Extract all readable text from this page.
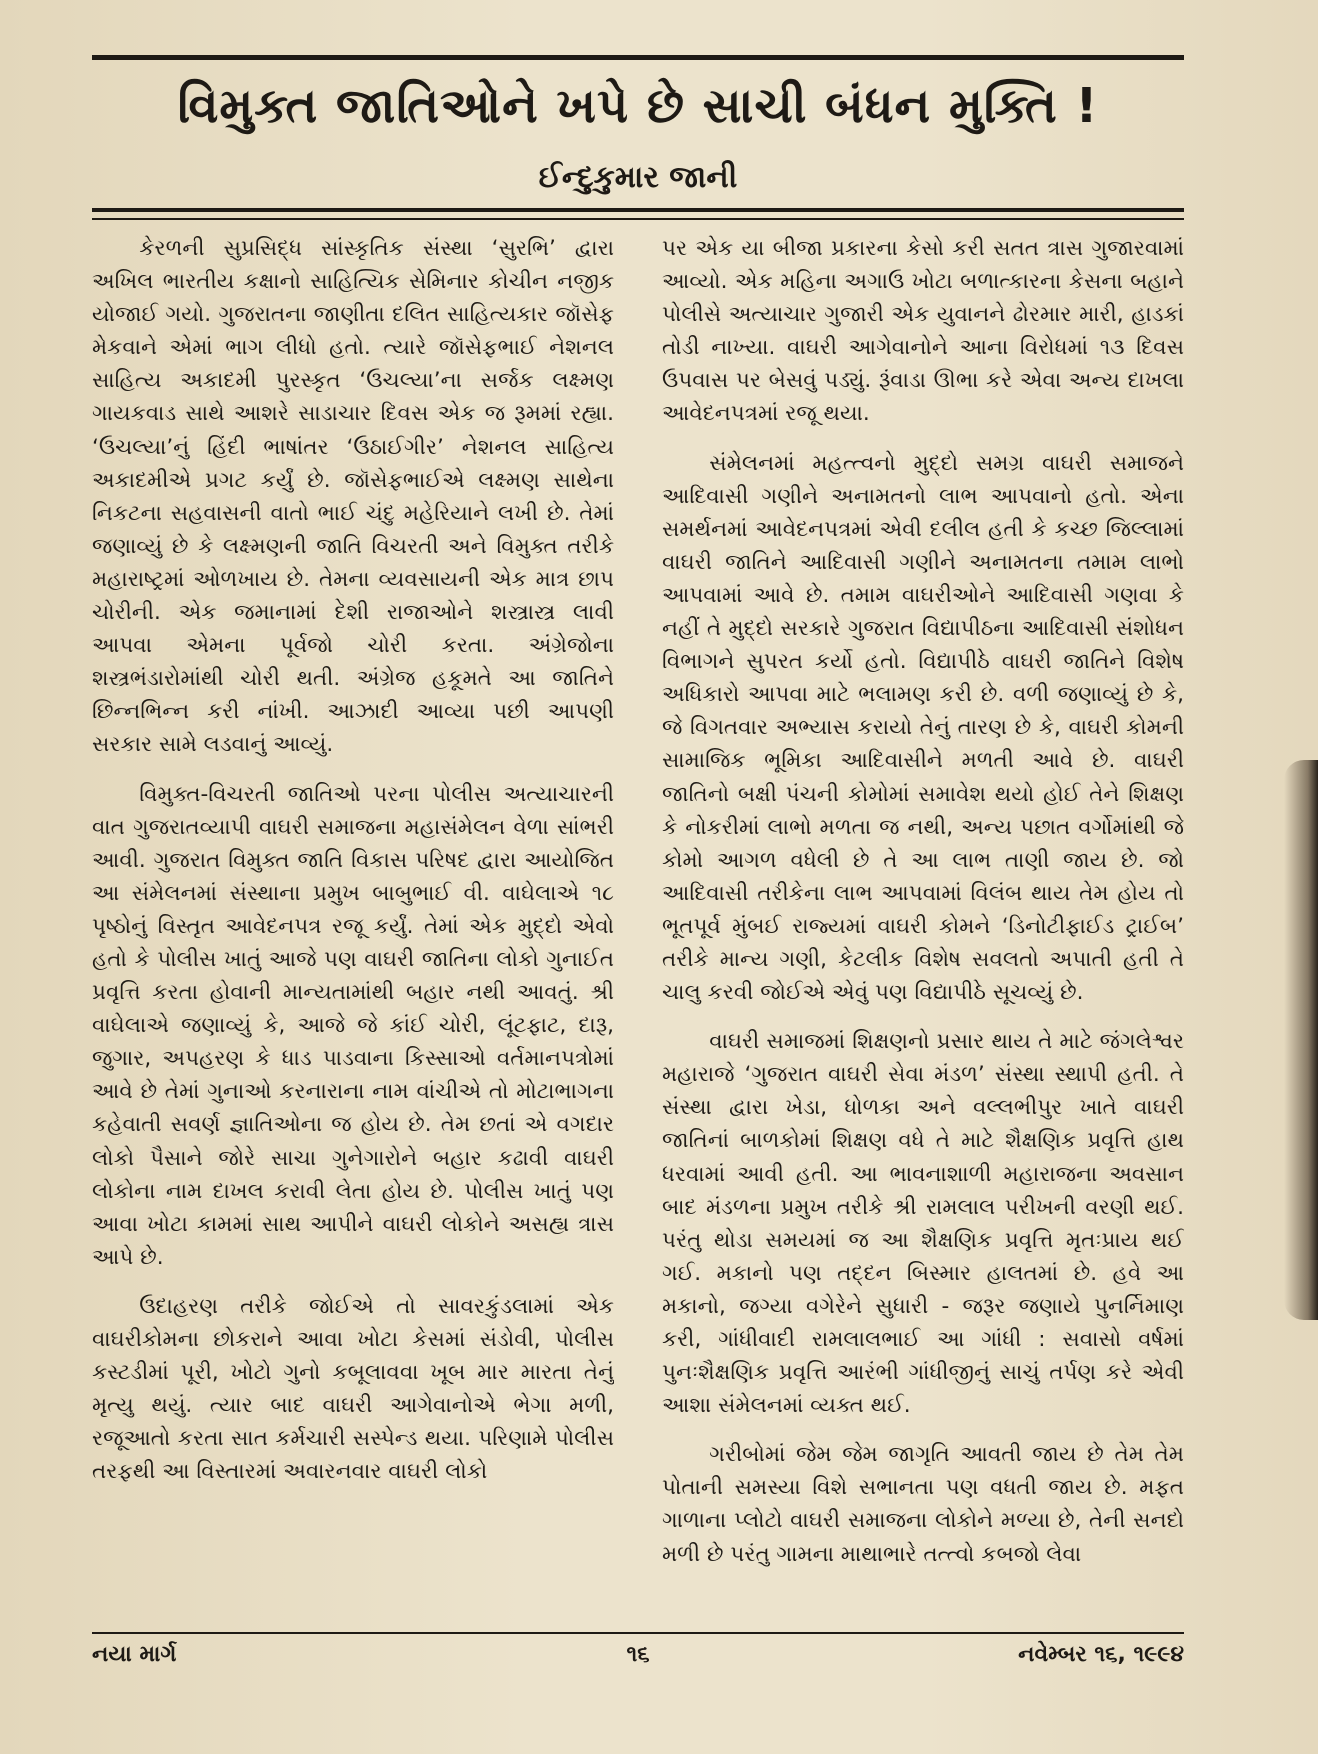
વિમુક્ત જાતિઓને ખપે છે સાચી બંધન મુક્તિ !
ઈન્દુકુમાર જાની

કેરળની સુપ્રસિદ્ધ સાંસ્કૃતિક સંસ્થા ‘સુરભિ’ દ્વારા અખિલ ભારતીય કક્ષાનો સાહિત્યિક સેમિનાર કોચીન નજીક યોજાઈ ગયો. ગુજરાતના જાણીતા દલિત સાહિત્યકાર જૉસેફ મેકવાને એમાં ભાગ લીધો હતો. ત્યારે જૉસેફભાઈ નેશનલ સાહિત્ય અકાદમી પુરસ્કૃત ‘ઉચલ્યા’ના સર્જક લક્ષ્મણ ગાયકવાડ સાથે આશરે સાડાચાર દિવસ એક જ રૂમમાં રહ્યા. ‘ઉચલ્યા’નું હિંદી ભાષાંતર ‘ઉઠાઈગીર’ નેશનલ સાહિત્ય અકાદમીએ પ્રગટ કર્યું છે. જૉસેફભાઈએ લક્ષ્મણ સાથેના નિકટના સહવાસની વાતો ભાઈ ચંદુ મહેરિયાને લખી છે. તેમાં જણાવ્યું છે કે લક્ષ્મણની જાતિ વિચરતી અને વિમુક્ત તરીકે મહારાષ્ટ્રમાં ઓળખાય છે. તેમના વ્યવસાયની એક માત્ર છાપ ચોરીની. એક જમાનામાં દેશી રાજાઓને શસ્ત્રાસ્ત્ર લાવી આપવા એમના પૂર્વજો ચોરી કરતા. અંગ્રેજોના શસ્ત્રભંડારોમાંથી ચોરી થતી. અંગ્રેજ હકૂમતે આ જાતિને છિન્નભિન્ન કરી નાંખી. આઝાદી આવ્યા પછી આપણી સરકાર સામે લડવાનું આવ્યું.

વિમુક્ત-વિચરતી જાતિઓ પરના પોલીસ અત્યાચારની વાત ગુજરાતવ્યાપી વાઘરી સમાજના મહાસંમેલન વેળા સાંભરી આવી. ગુજરાત વિમુક્ત જાતિ વિકાસ પરિષદ દ્વારા આયોજિત આ સંમેલનમાં સંસ્થાના પ્રમુખ બાબુભાઈ વી. વાઘેલાએ ૧૮ પૃષ્ઠોનું વિસ્તૃત આવેદનપત્ર રજૂ કર્યું. તેમાં એક મુદ્દો એવો હતો કે પોલીસ ખાતું આજે પણ વાઘરી જાતિના લોકો ગુનાઈત પ્રવૃત્તિ કરતા હોવાની માન્યતામાંથી બહાર નથી આવતું. શ્રી વાઘેલાએ જણાવ્યું કે, આજે જે કાંઈ ચોરી, લૂંટફાટ, દારૂ, જુગાર, અપહરણ કે ધાડ પાડવાના કિસ્સાઓ વર્તમાનપત્રોમાં આવે છે તેમાં ગુનાઓ કરનારાના નામ વાંચીએ તો મોટાભાગના કહેવાતી સવર્ણ જ્ઞાતિઓના જ હોય છે. તેમ છતાં એ વગદાર લોકો પૈસાને જોરે સાચા ગુનેગારોને બહાર કઢાવી વાઘરી લોકોના નામ દાખલ કરાવી લેતા હોય છે. પોલીસ ખાતું પણ આવા ખોટા કામમાં સાથ આપીને વાઘરી લોકોને અસહ્ય ત્રાસ આપે છે.

ઉદાહરણ તરીકે જોઈએ તો સાવરકુંડલામાં એક વાઘરીકોમના છોકરાને આવા ખોટા કેસમાં સંડોવી, પોલીસ કસ્ટડીમાં પૂરી, ખોટો ગુનો કબૂલાવવા ખૂબ માર મારતા તેનું મૃત્યુ થયું. ત્યાર બાદ વાઘરી આગેવાનોએ ભેગા મળી, રજૂઆતો કરતા સાત કર્મચારી સસ્પેન્ડ થયા. પરિણામે પોલીસ તરફથી આ વિસ્તારમાં અવારનવાર વાઘરી લોકો

પર એક યા બીજા પ્રકારના કેસો કરી સતત ત્રાસ ગુજારવામાં આવ્યો. એક મહિના અગાઉ ખોટા બળાત્કારના કેસના બહાને પોલીસે અત્યાચાર ગુજારી એક યુવાનને ઢોરમાર મારી, હાડકાં તોડી નાખ્યા. વાઘરી આગેવાનોને આના વિરોધમાં ૧૩ દિવસ ઉપવાસ પર બેસવું પડ્યું. રૂંવાડા ઊભા કરે એવા અન્ય દાખલા આવેદનપત્રમાં રજૂ થયા.

સંમેલનમાં મહત્ત્વનો મુદ્દો સમગ્ર વાઘરી સમાજને આદિવાસી ગણીને અનામતનો લાભ આપવાનો હતો. એના સમર્થનમાં આવેદનપત્રમાં એવી દલીલ હતી કે કચ્છ જિલ્લામાં વાઘરી જાતિને આદિવાસી ગણીને અનામતના તમામ લાભો આપવામાં આવે છે. તમામ વાઘરીઓને આદિવાસી ગણવા કે નહીં તે મુદ્દો સરકારે ગુજરાત વિદ્યાપીઠના આદિવાસી સંશોધન વિભાગને સુપરત કર્યો હતો. વિદ્યાપીઠે વાઘરી જાતિને વિશેષ અધિકારો આપવા માટે ભલામણ કરી છે. વળી જણાવ્યું છે કે, જે વિગતવાર અભ્યાસ કરાયો તેનું તારણ છે કે, વાઘરી કોમની સામાજિક ભૂમિકા આદિવાસીને મળતી આવે છે. વાઘરી જાતિનો બક્ષી પંચની કોમોમાં સમાવેશ થયો હોઈ તેને શિક્ષણ કે નોકરીમાં લાભો મળતા જ નથી, અન્ય પછાત વર્ગોમાંથી જે કોમો આગળ વધેલી છે તે આ લાભ તાણી જાય છે. જો આદિવાસી તરીકેના લાભ આપવામાં વિલંબ થાય તેમ હોય તો ભૂતપૂર્વ મુંબઈ રાજ્યમાં વાઘરી કોમને ‘ડિનોટીફાઈડ ટ્રાઈબ’ તરીકે માન્ય ગણી, કેટલીક વિશેષ સવલતો અપાતી હતી તે ચાલુ કરવી જોઈએ એવું પણ વિદ્યાપીઠે સૂચવ્યું છે.

વાઘરી સમાજમાં શિક્ષણનો પ્રસાર થાય તે માટે જંગલેશ્વર મહારાજે ‘ગુજરાત વાઘરી સેવા મંડળ’ સંસ્થા સ્થાપી હતી. તે સંસ્થા દ્વારા ખેડા, ધોળકા અને વલ્લભીપુર ખાતે વાઘરી જાતિનાં બાળકોમાં શિક્ષણ વધે તે માટે શૈક્ષણિક પ્રવૃત્તિ હાથ ધરવામાં આવી હતી. આ ભાવનાશાળી મહારાજના અવસાન બાદ મંડળના પ્રમુખ તરીકે શ્રી રામલાલ પરીખની વરણી થઈ. પરંતુ થોડા સમયમાં જ આ શૈક્ષણિક પ્રવૃત્તિ મૃતઃપ્રાય થઈ ગઈ. મકાનો પણ તદ્દન બિસ્માર હાલતમાં છે. હવે આ મકાનો, જગ્યા વગેરેને સુધારી - જરૂર જણાયે પુનર્નિમાણ કરી, ગાંધીવાદી રામલાલભાઈ આ ગાંધી : સવાસો વર્ષમાં પુનઃશૈક્ષણિક પ્રવૃત્તિ આરંભી ગાંધીજીનું સાચું તર્પણ કરે એવી આશા સંમેલનમાં વ્યક્ત થઈ.

ગરીબોમાં જેમ જેમ જાગૃતિ આવતી જાય છે તેમ તેમ પોતાની સમસ્યા વિશે સભાનતા પણ વધતી જાય છે. મફત ગાળાના પ્લોટો વાઘરી સમાજના લોકોને મળ્યા છે, તેની સનદો મળી છે પરંતુ ગામના માથાભારે તત્ત્વો કબજો લેવા

નયા માર્ગ	૧૬	નવેમ્બર ૧૬, ૧૯૯૪
